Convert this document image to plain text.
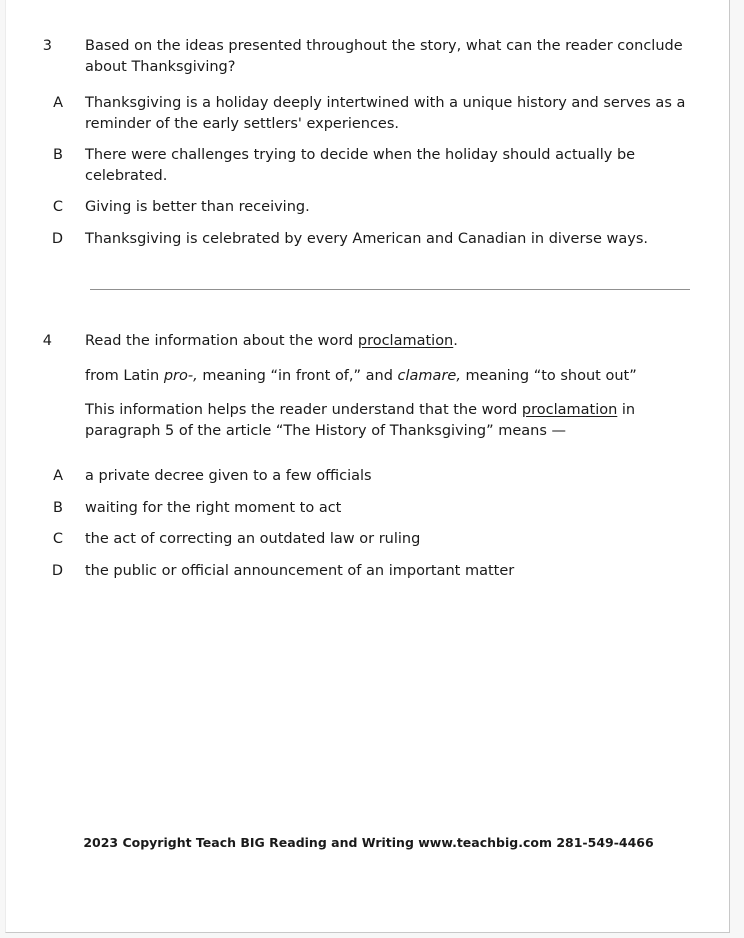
3 Based on the ideas presented throughout the story, what can the reader conclude about Thanksgiving?
A Thanksgiving is a holiday deeply intertwined with a unique history and serves as a reminder of the early settlers' experiences.
B There were challenges trying to decide when the holiday should actually be celebrated.
C Giving is better than receiving.
D Thanksgiving is celebrated by every American and Canadian in diverse ways.
4 Read the information about the word proclamation.
from Latin pro-, meaning “in front of,” and clamare, meaning “to shout out”
This information helps the reader understand that the word proclamation in paragraph 5 of the article “The History of Thanksgiving” means —
A a private decree given to a few officials
B waiting for the right moment to act
C the act of correcting an outdated law or ruling
D the public or official announcement of an important matter
2023 Copyright Teach BIG Reading and Writing www.teachbig.com 281-549-4466
